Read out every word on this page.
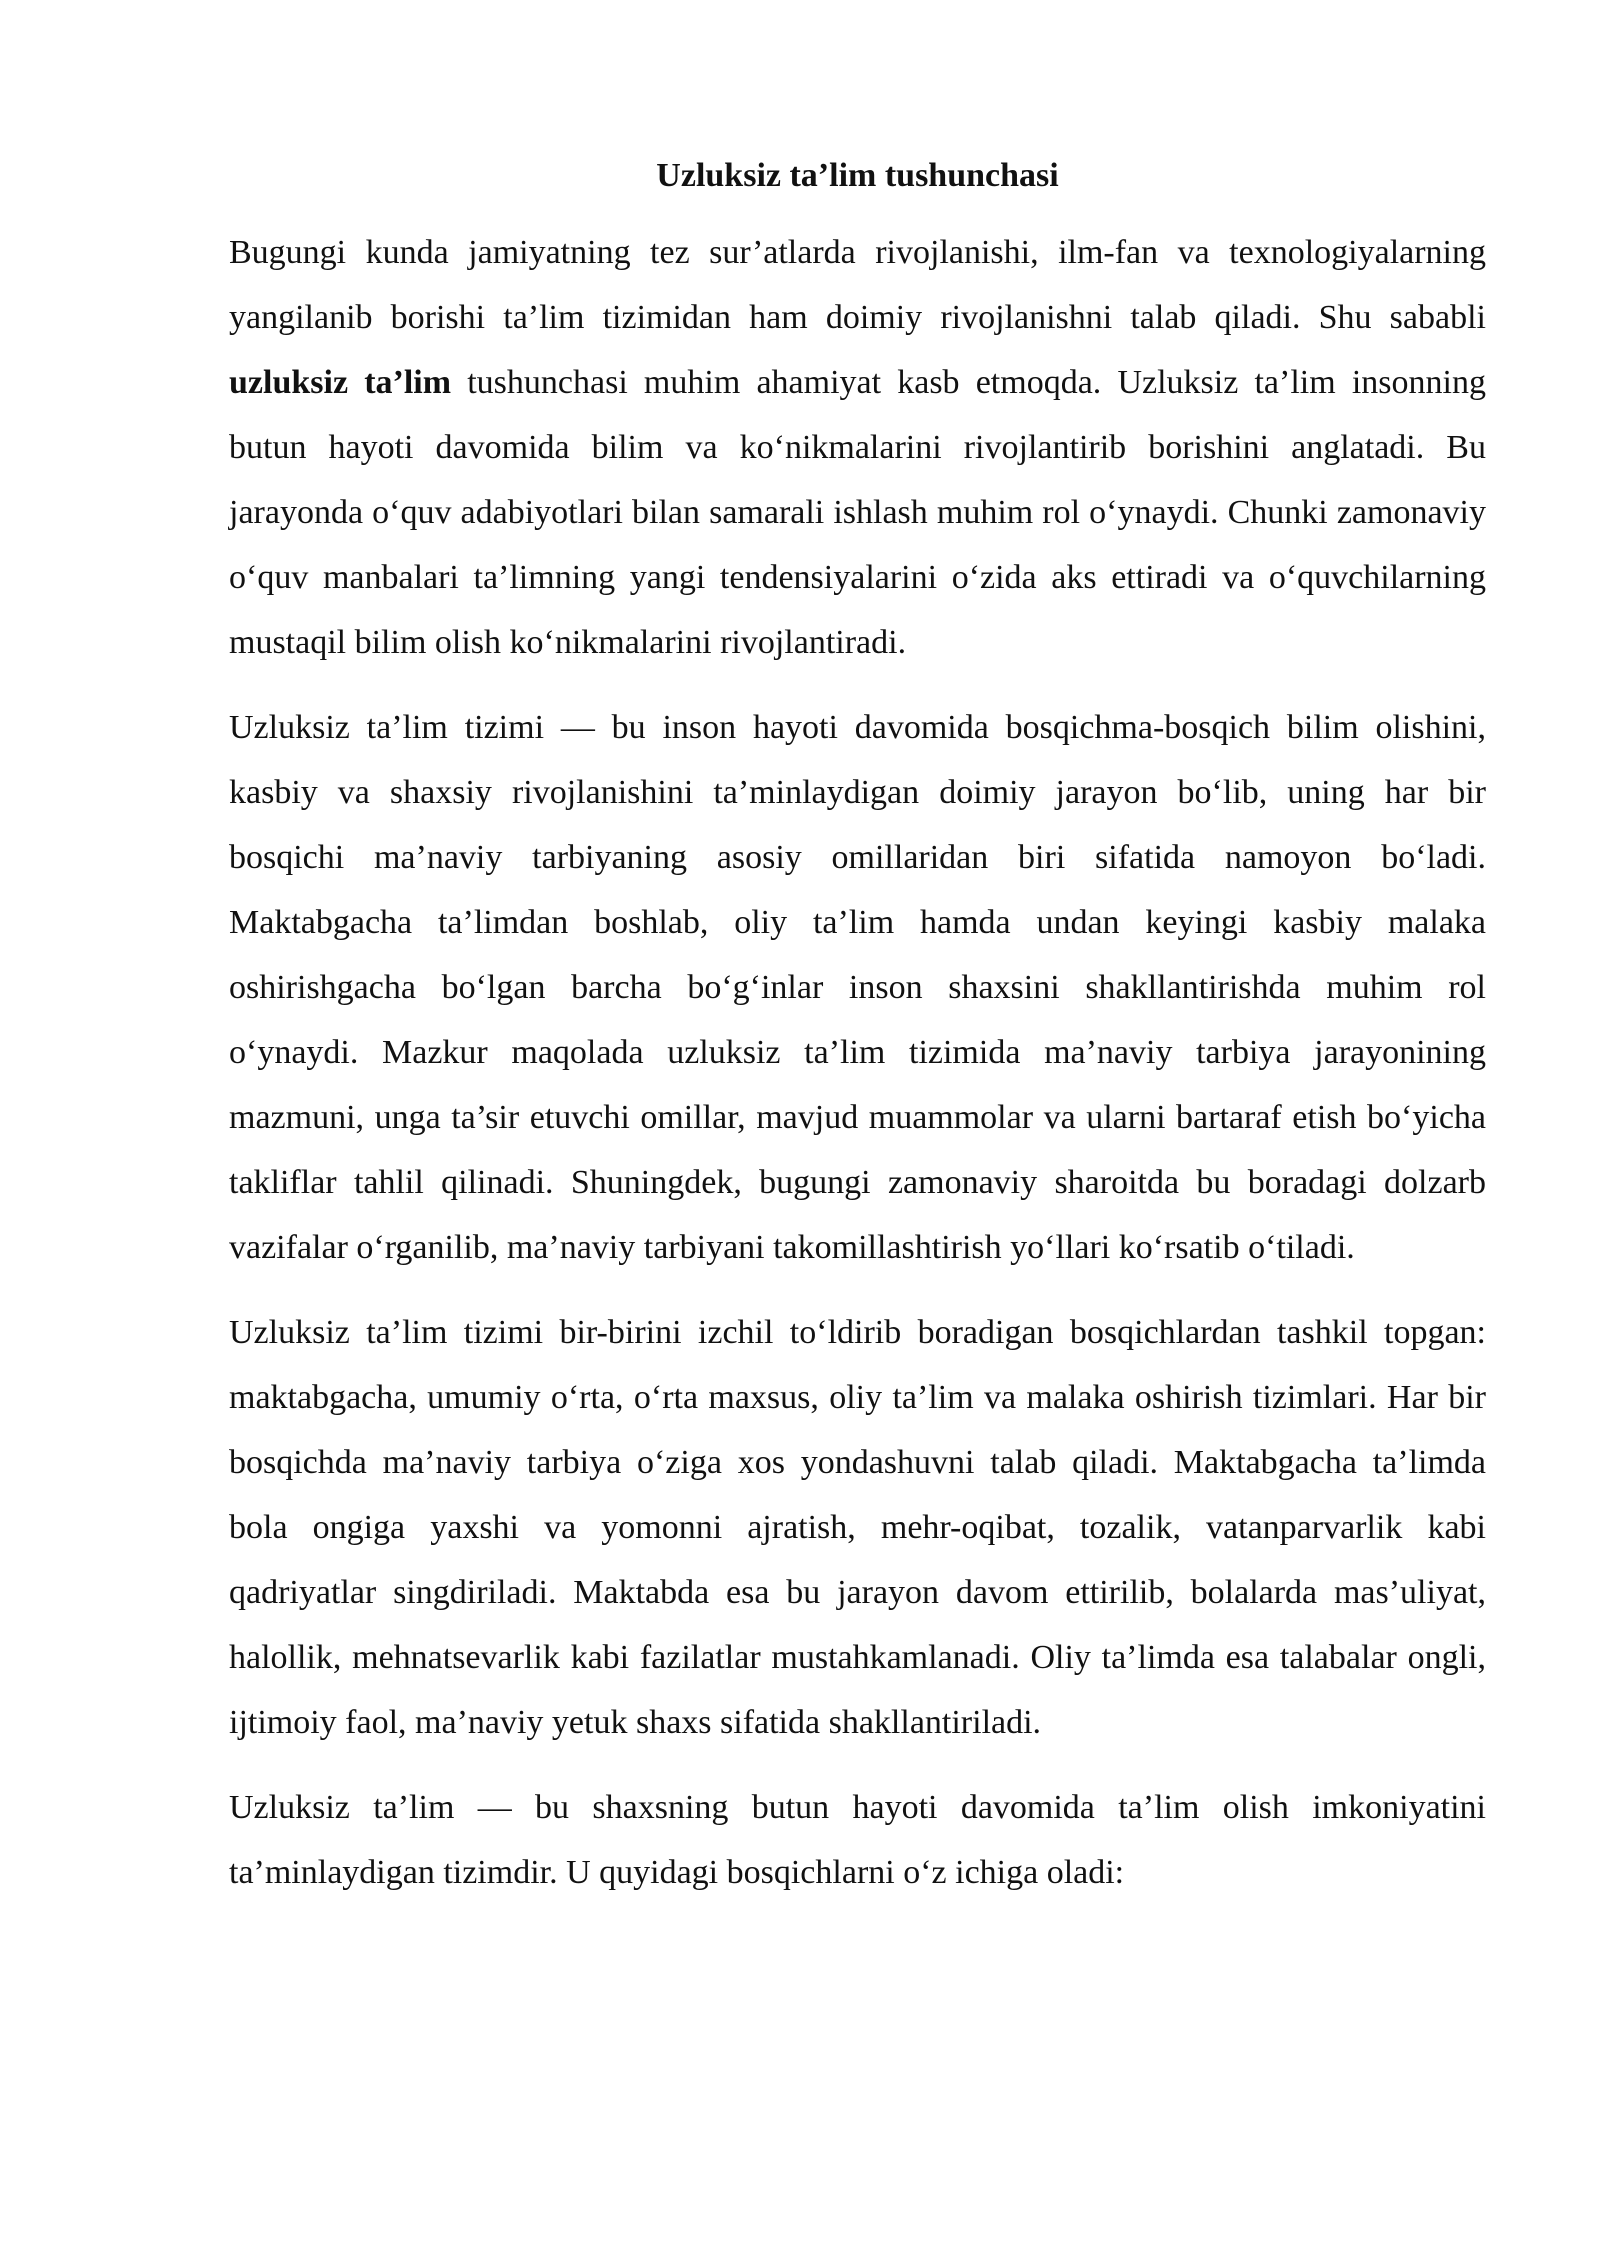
Uzluksiz ta’lim tushunchasi

Bugungi kunda jamiyatning tez sur’atlarda rivojlanishi, ilm-fan va texnologiyalarning yangilanib borishi ta’lim tizimidan ham doimiy rivojlanishni talab qiladi. Shu sababli uzluksiz ta’lim tushunchasi muhim ahamiyat kasb etmoqda. Uzluksiz ta’lim insonning butun hayoti davomida bilim va ko‘nikmalarini rivojlantirib borishini anglatadi. Bu jarayonda o‘quv adabiyotlari bilan samarali ishlash muhim rol o‘ynaydi. Chunki zamonaviy o‘quv manbalari ta’limning yangi tendensiyalarini o‘zida aks ettiradi va o‘quvchilarning mustaqil bilim olish ko‘nikmalarini rivojlantiradi.

Uzluksiz ta’lim tizimi — bu inson hayoti davomida bosqichma-bosqich bilim olishini, kasbiy va shaxsiy rivojlanishini ta’minlaydigan doimiy jarayon bo‘lib, uning har bir bosqichi ma’naviy tarbiyaning asosiy omillaridan biri sifatida namoyon bo‘ladi. Maktabgacha ta’limdan boshlab, oliy ta’lim hamda undan keyingi kasbiy malaka oshirishgacha bo‘lgan barcha bo‘g‘inlar inson shaxsini shakllantirishda muhim rol o‘ynaydi. Mazkur maqolada uzluksiz ta’lim tizimida ma’naviy tarbiya jarayonining mazmuni, unga ta’sir etuvchi omillar, mavjud muammolar va ularni bartaraf etish bo‘yicha takliflar tahlil qilinadi. Shuningdek, bugungi zamonaviy sharoitda bu boradagi dolzarb vazifalar o‘rganilib, ma’naviy tarbiyani takomillashtirish yo‘llari ko‘rsatib o‘tiladi.

Uzluksiz ta’lim tizimi bir-birini izchil to‘ldirib boradigan bosqichlardan tashkil topgan: maktabgacha, umumiy o‘rta, o‘rta maxsus, oliy ta’lim va malaka oshirish tizimlari. Har bir bosqichda ma’naviy tarbiya o‘ziga xos yondashuvni talab qiladi. Maktabgacha ta’limda bola ongiga yaxshi va yomonni ajratish, mehr-oqibat, tozalik, vatanparvarlik kabi qadriyatlar singdiriladi. Maktabda esa bu jarayon davom ettirilib, bolalarda mas’uliyat, halollik, mehnatsevarlik kabi fazilatlar mustahkamlanadi. Oliy ta’limda esa talabalar ongli, ijtimoiy faol, ma’naviy yetuk shaxs sifatida shakllantiriladi.

Uzluksiz ta’lim — bu shaxsning butun hayoti davomida ta’lim olish imkoniyatini ta’minlaydigan tizimdir. U quyidagi bosqichlarni o‘z ichiga oladi:
